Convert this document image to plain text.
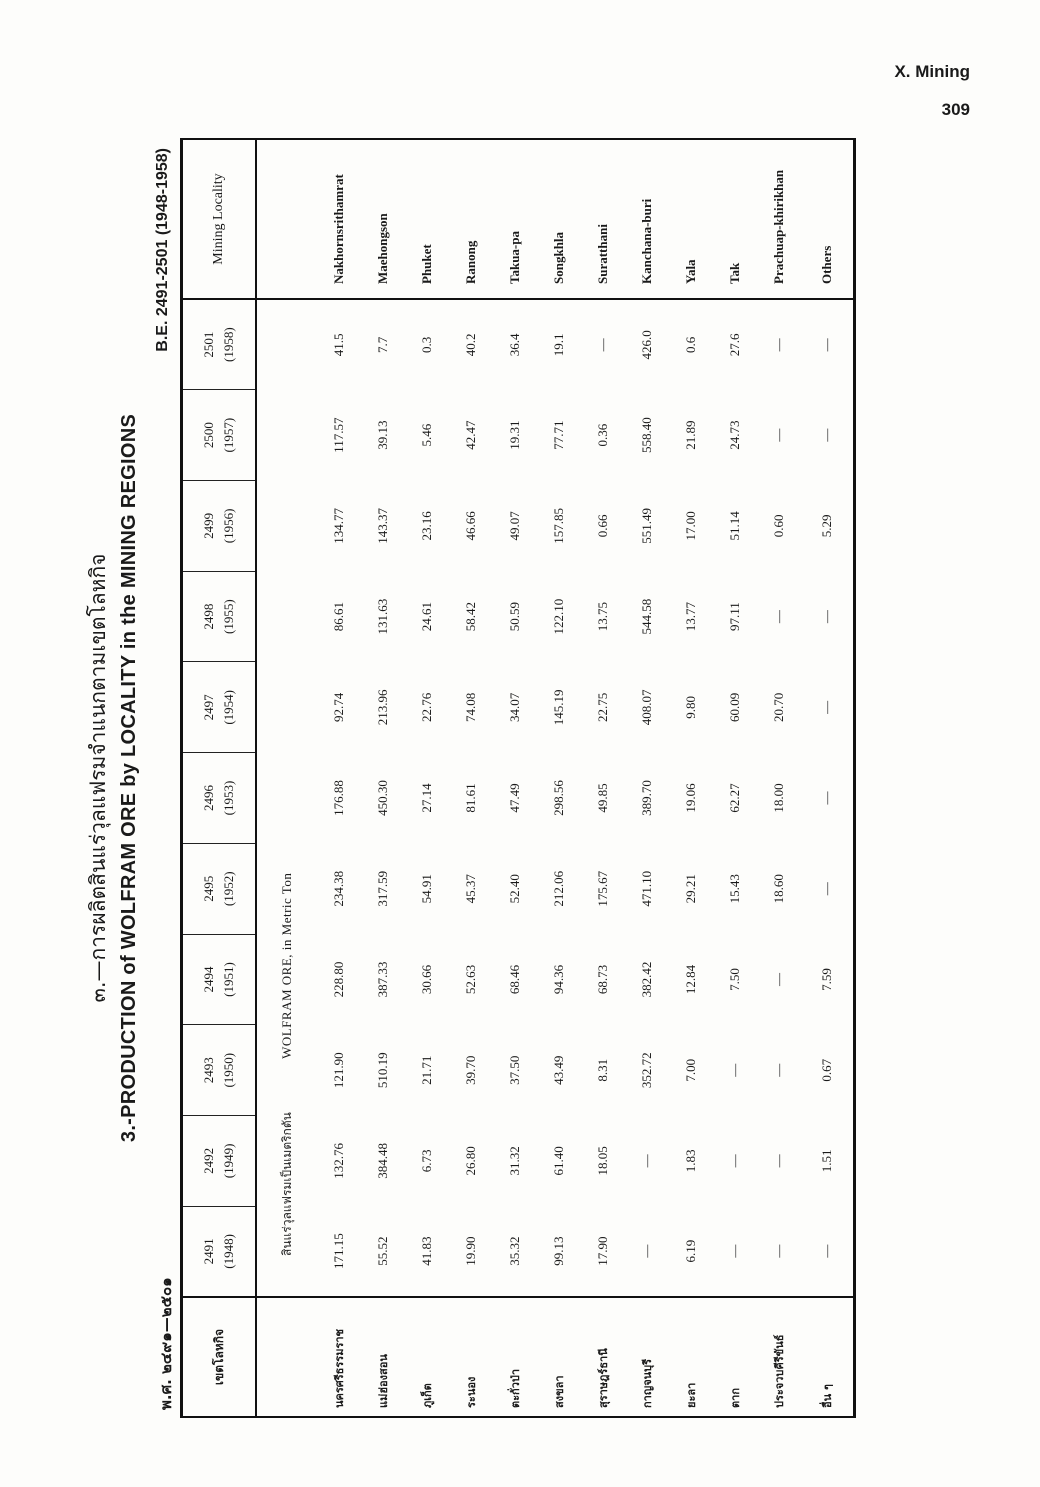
X. Mining
309
๓.—การผลิตสินแร่วุลแฟรมจำแนกตามเขตโลหกิจ 3.-PRODUCTION of WOLFRAM ORE by LOCALITY in the MINING REGIONS
พ.ศ. ๒๔๙๑—๒๕๐๑
B.E. 2491-2501 (1948-1958)
เขตโลหกิจ	2491 (1948)	2492 (1949)	2493 (1950)	2494 (1951)	2495 (1952)	2496 (1953)	2497 (1954)	2498 (1955)	2499 (1956)	2500 (1957)	2501 (1958)	Mining Locality
	สินแร่วุลแฟรมเป็นเมตริกตัน WOLFRAM ORE, in Metric Ton											
นครศรีธรรมราช	171.15	132.76	121.90	228.80	234.38	176.88	92.74	86.61	134.77	117.57	41.5	Nakhornsrithamrat
แม่ฮ่องสอน	55.52	384.48	510.19	387.33	317.59	450.30	213.96	131.63	143.37	39.13	7.7	Maehongson
ภูเก็ต	41.83	6.73	21.71	30.66	54.91	27.14	22.76	24.61	23.16	5.46	0.3	Phuket
ระนอง	19.90	26.80	39.70	52.63	45.37	81.61	74.08	58.42	46.66	42.47	40.2	Ranong
ตะกั่วป่า	35.32	31.32	37.50	68.46	52.40	47.49	34.07	50.59	49.07	19.31	36.4	Takua-pa
สงขลา	99.13	61.40	43.49	94.36	212.06	298.56	145.19	122.10	157.85	77.71	19.1	Songkhla
สุราษฎร์ธานี	17.90	18.05	8.31	68.73	175.67	49.85	22.75	13.75	0.66	0.36	—	Suratthani
กาญจนบุรี	—	—	352.72	382.42	471.10	389.70	408.07	544.58	551.49	558.40	426.0	Kanchana-buri
ยะลา	6.19	1.83	7.00	12.84	29.21	19.06	9.80	13.77	17.00	21.89	0.6	Yala
ตาก	—	—	—	7.50	15.43	62.27	60.09	97.11	51.14	24.73	27.6	Tak
ประจวบคีรีขันธ์	—	—	—	—	18.60	18.00	20.70	—	0.60	—	—	Prachuap-khirikhan
อื่น ๆ	—	1.51	0.67	7.59	—	—	—	—	5.29	—	—	Others
